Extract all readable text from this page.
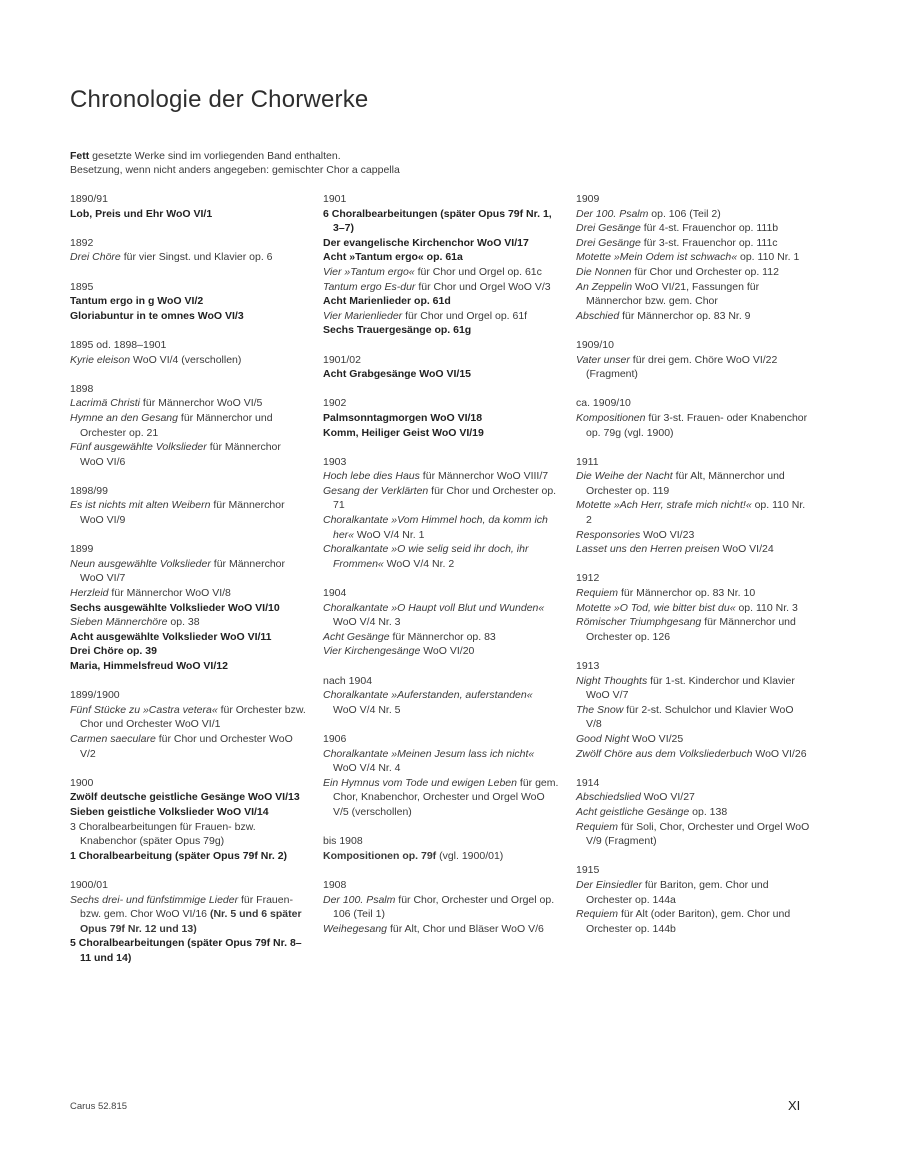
Chronologie der Chorwerke
Fett gesetzte Werke sind im vorliegenden Band enthalten.
Besetzung, wenn nicht anders angegeben: gemischter Chor a cappella
1890/91
Lob, Preis und Ehr WoO VI/1
1892
Drei Chöre für vier Singst. und Klavier op. 6
1895
Tantum ergo in g WoO VI/2
Gloriabuntur in te omnes WoO VI/3
1895 od. 1898–1901
Kyrie eleison WoO VI/4 (verschollen)
1898
Lacrimä Christi für Männerchor WoO VI/5
Hymne an den Gesang für Männerchor und Orchester op. 21
Fünf ausgewählte Volkslieder für Männerchor WoO VI/6
1898/99
Es ist nichts mit alten Weibern für Männerchor WoO VI/9
1899
Neun ausgewählte Volkslieder für Männerchor WoO VI/7
Herzleid für Männerchor WoO VI/8
Sechs ausgewählte Volkslieder WoO VI/10
Sieben Männerchöre op. 38
Acht ausgewählte Volkslieder WoO VI/11
Drei Chöre op. 39
Maria, Himmelsfreud WoO VI/12
1899/1900
Fünf Stücke zu »Castra vetera« für Orchester bzw. Chor und Orchester WoO VI/1
Carmen saeculare für Chor und Orchester WoO V/2
1900
Zwölf deutsche geistliche Gesänge WoO VI/13
Sieben geistliche Volkslieder WoO VI/14
3 Choralbearbeitungen für Frauen- bzw. Knabenchor (später Opus 79g)
1 Choralbearbeitung (später Opus 79f Nr. 2)
1900/01
Sechs drei- und fünfstimmige Lieder für Frauen- bzw. gem. Chor WoO VI/16 (Nr. 5 und 6 später Opus 79f Nr. 12 und 13)
5 Choralbearbeitungen (später Opus 79f Nr. 8–11 und 14)
1901
6 Choralbearbeitungen (später Opus 79f Nr. 1, 3–7)
Der evangelische Kirchenchor WoO VI/17
Acht »Tantum ergo« op. 61a
Vier »Tantum ergo« für Chor und Orgel op. 61c
Tantum ergo Es-dur für Chor und Orgel WoO V/3
Acht Marienlieder op. 61d
Vier Marienlieder für Chor und Orgel op. 61f
Sechs Trauergesänge op. 61g
1901/02
Acht Grabgesänge WoO VI/15
1902
Palmsonntagmorgen WoO VI/18
Komm, Heiliger Geist WoO VI/19
1903
Hoch lebe dies Haus für Männerchor WoO VIII/7
Gesang der Verklärten für Chor und Orchester op. 71
Choralkantate »Vom Himmel hoch, da komm ich her« WoO V/4 Nr. 1
Choralkantate »O wie selig seid ihr doch, ihr Frommen« WoO V/4 Nr. 2
1904
Choralkantate »O Haupt voll Blut und Wunden« WoO V/4 Nr. 3
Acht Gesänge für Männerchor op. 83
Vier Kirchengesänge WoO VI/20
nach 1904
Choralkantate »Auferstanden, auferstanden« WoO V/4 Nr. 5
1906
Choralkantate »Meinen Jesum lass ich nicht« WoO V/4 Nr. 4
Ein Hymnus vom Tode und ewigen Leben für gem. Chor, Knabenchor, Orchester und Orgel WoO V/5 (verschollen)
bis 1908
Kompositionen op. 79f (vgl. 1900/01)
1908
Der 100. Psalm für Chor, Orchester und Orgel op. 106 (Teil 1)
Weihegesang für Alt, Chor und Bläser WoO V/6
1909
Der 100. Psalm op. 106 (Teil 2)
Drei Gesänge für 4-st. Frauenchor op. 111b
Drei Gesänge für 3-st. Frauenchor op. 111c
Motette »Mein Odem ist schwach« op. 110 Nr. 1
Die Nonnen für Chor und Orchester op. 112
An Zeppelin WoO VI/21, Fassungen für Männerchor bzw. gem. Chor
Abschied für Männerchor op. 83 Nr. 9
1909/10
Vater unser für drei gem. Chöre WoO VI/22 (Fragment)
ca. 1909/10
Kompositionen für 3-st. Frauen- oder Knabenchor op. 79g (vgl. 1900)
1911
Die Weihe der Nacht für Alt, Männerchor und Orchester op. 119
Motette »Ach Herr, strafe mich nicht!« op. 110 Nr. 2
Responsories WoO VI/23
Lasset uns den Herren preisen WoO VI/24
1912
Requiem für Männerchor op. 83 Nr. 10
Motette »O Tod, wie bitter bist du« op. 110 Nr. 3
Römischer Triumphgesang für Männerchor und Orchester op. 126
1913
Night Thoughts für 1-st. Kinderchor und Klavier WoO V/7
The Snow für 2-st. Schulchor und Klavier WoO V/8
Good Night WoO VI/25
Zwölf Chöre aus dem Volksliederbuch WoO VI/26
1914
Abschiedslied WoO VI/27
Acht geistliche Gesänge op. 138
Requiem für Soli, Chor, Orchester und Orgel WoO V/9 (Fragment)
1915
Der Einsiedler für Bariton, gem. Chor und Orchester op. 144a
Requiem für Alt (oder Bariton), gem. Chor und Orchester op. 144b
Carus 52.815	XI
